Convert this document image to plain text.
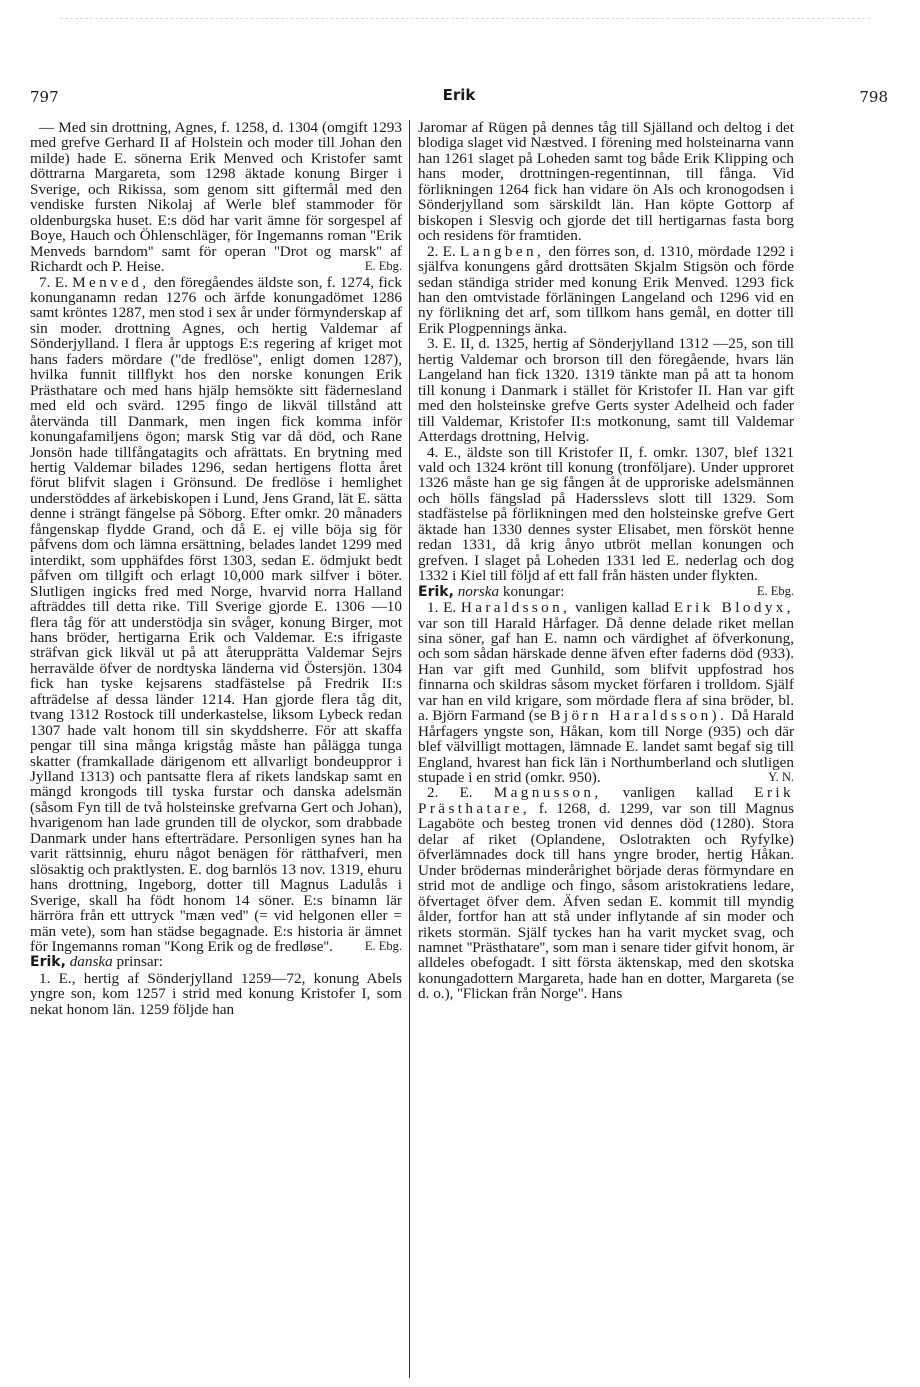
797	Erik	798

— Med sin drottning, Agnes, f. 1258, d. 1304 (omgift 1293 med grefve Gerhard II af Holstein och moder till Johan den milde) hade E. sönerna Erik Menved och Kristofer samt döttrarna Margareta, som 1298 äktade konung Birger i Sverige, och Rikissa, som genom sitt giftermål med den vendiske fursten Nikolaj af Werle blef stammoder för oldenburgska huset. E:s död har varit ämne för sorgespel af Boye, Hauch och Öhlenschläger, för Ingemanns roman ''Erik Menveds barndom'' samt för operan ''Drot og marsk'' af Richardt och P. Heise.	E. Ebg.

7. E. Menved, den föregåendes äldste son, f. 1274, fick konunganamn redan 1276 och ärfde konungadömet 1286 samt kröntes 1287, men stod i sex år under förmynderskap af sin moder. drottning Agnes, och hertig Valdemar af Sönderjylland. I flera år upptogs E:s regering af kriget mot hans faders mördare (''de fredlöse'', enligt domen 1287), hvilka funnit tillflykt hos den norske konungen Erik Prästhatare och med hans hjälp hemsökte sitt fädernesland med eld och svärd. 1295 fingo de likväl tillstånd att återvända till Danmark, men ingen fick komma inför konungafamiljens ögon; marsk Stig var då död, och Rane Jonsön hade tillfångatagits och afrättats. En brytning med hertig Valdemar bilades 1296, sedan hertigens flotta året förut blifvit slagen i Grönsund. De fredlöse i hemlighet understöddes af ärkebiskopen i Lund, Jens Grand, lät E. sätta denne i strängt fängelse på Söborg. Efter omkr. 20 månaders fångenskap flydde Grand, och då E. ej ville böja sig för påfvens dom och lämna ersättning, belades landet 1299 med interdikt, som upphäfdes först 1303, sedan E. ödmjukt bedt påfven om tillgift och erlagt 10,000 mark silfver i böter. Slutligen ingicks fred med Norge, hvarvid norra Halland afträddes till detta rike. Till Sverige gjorde E. 1306 —10 flera tåg för att understödja sin svåger, konung Birger, mot hans bröder, hertigarna Erik och Valdemar. E:s ifrigaste sträfvan gick likväl ut på att återupprätta Valdemar Sejrs herravälde öfver de nordtyska länderna vid Östersjön. 1304 fick han tyske kejsarens stadfästelse på Fredrik II:s afträdelse af dessa länder 1214. Han gjorde flera tåg dit, tvang 1312 Rostock till underkastelse, liksom Lybeck redan 1307 hade valt honom till sin skyddsherre. För att skaffa pengar till sina många krigståg måste han pålägga tunga skatter (framkallade därigenom ett allvarligt bondeuppror i Jylland 1313) och pantsatte flera af rikets landskap samt en mängd krongods till tyska furstar och danska adelsmän (såsom Fyn till de två holsteinske grefvarna Gert och Johan), hvarigenom han lade grunden till de olyckor, som drabbade Danmark under hans efterträdare. Personligen synes han ha varit rättsinnig, ehuru något benägen för rätthafveri, men slösaktig och praktlysten. E. dog barnlös 13 nov. 1319, ehuru hans drottning, Ingeborg, dotter till Magnus Ladulås i Sverige, skall ha födt honom 14 söner. E:s binamn lär härröra från ett uttryck ''mæn ved'' (= vid helgonen eller = män vete), som han städse begagnade. E:s historia är ämnet för Ingemanns roman ''Kong Erik og de fredløse''.	E. Ebg.

Erik, danska prinsar:

1. E., hertig af Sönderjylland 1259—72, konung Abels yngre son, kom 1257 i strid med konung Kristofer I, som nekat honom län. 1259 följde han

Jaromar af Rügen på dennes tåg till Själland och deltog i det blodiga slaget vid Næstved. I förening med holsteinarna vann han 1261 slaget på Loheden samt tog både Erik Klipping och hans moder, drottningen-regentinnan, till fånga. Vid förlikningen 1264 fick han vidare ön Als och kronogodsen i Sönderjylland som särskildt län. Han köpte Gottorp af biskopen i Slesvig och gjorde det till hertigarnas fasta borg och residens för framtiden.

2. E. Langben, den förres son, d. 1310, mördade 1292 i själfva konungens gård drottsäten Skjalm Stigsön och förde sedan ständiga strider med konung Erik Menved. 1293 fick han den omtvistade förläningen Langeland och 1296 vid en ny förlikning det arf, som tillkom hans gemål, en dotter till Erik Plogpennings änka.

3. E. II, d. 1325, hertig af Sönderjylland 1312 —25, son till hertig Valdemar och brorson till den föregående, hvars län Langeland han fick 1320. 1319 tänkte man på att ta honom till konung i Danmark i stället för Kristofer II. Han var gift med den holsteinske grefve Gerts syster Adelheid och fader till Valdemar, Kristofer II:s motkonung, samt till Valdemar Atterdags drottning, Helvig.

4. E., äldste son till Kristofer II, f. omkr. 1307, blef 1321 vald och 1324 krönt till konung (tronföljare). Under upproret 1326 måste han ge sig fången åt de upproriske adelsmännen och hölls fängslad på Hadersslevs slott till 1329. Som stadfästelse på förlikningen med den holsteinske grefve Gert äktade han 1330 dennes syster Elisabet, men försköt henne redan 1331, då krig ånyo utbröt mellan konungen och grefven. I slaget på Loheden 1331 led E. nederlag och dog 1332 i Kiel till följd af ett fall från hästen under flykten.
E. Ebg.

Erik, norska konungar:

1. E. Haraldsson, vanligen kallad Erik Blodyx, var son till Harald Hårfager. Då denne delade riket mellan sina söner, gaf han E. namn och värdighet af öfverkonung, och som sådan härskade denne äfven efter faderns död (933). Han var gift med Gunhild, som blifvit uppfostrad hos finnarna och skildras såsom mycket förfaren i trolldom. Själf var han en vild krigare, som mördade flera af sina bröder, bl. a. Björn Farmand (se Björn Haraldsson). Då Harald Hårfagers yngste son, Håkan, kom till Norge (935) och där blef välvilligt mottagen, lämnade E. landet samt begaf sig till England, hvarest han fick län i Northumberland och slutligen stupade i en strid (omkr. 950).	Y. N.

2. E. Magnusson, vanligen kallad Erik Prästhatare, f. 1268, d. 1299, var son till Magnus Lagaböte och besteg tronen vid dennes död (1280). Stora delar af riket (Oplandene, Oslotrakten och Ryfylke) öfverlämnades dock till hans yngre broder, hertig Håkan. Under brödernas minderårighet började deras förmyndare en strid mot de andlige och fingo, såsom aristokratiens ledare, öfvertaget öfver dem. Äfven sedan E. kommit till myndig ålder, fortfor han att stå under inflytande af sin moder och rikets stormän. Själf tyckes han ha varit mycket svag, och namnet ''Prästhatare'', som man i senare tider gifvit honom, är alldeles obefogadt. I sitt första äktenskap, med den skotska konungadottern Margareta, hade han en dotter, Margareta (se d. o.), ''Flickan från Norge''. Hans
